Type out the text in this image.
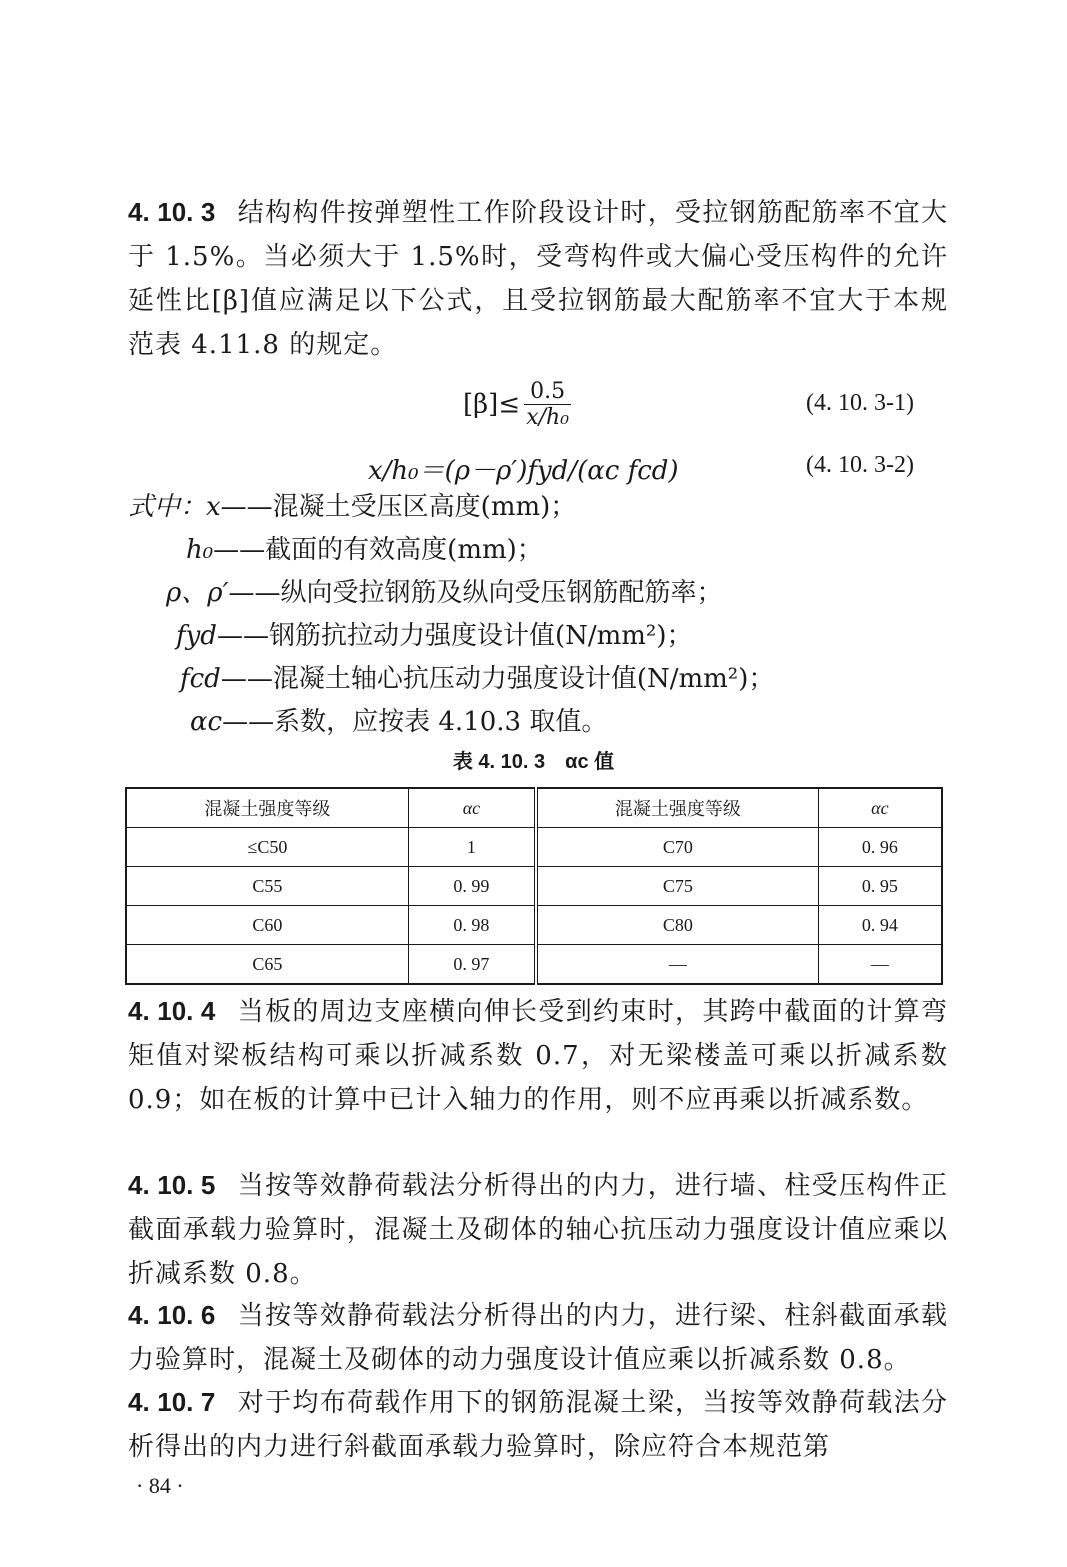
4. 10. 3 结构构件按弹塑性工作阶段设计时，受拉钢筋配筋率不宜大于 1.5%。当必须大于 1.5%时，受弯构件或大偏心受压构件的允许延性比[β]值应满足以下公式，且受拉钢筋最大配筋率不宜大于本规范表 4.11.8 的规定。
$[\beta]\le \frac{0.5}{\text{x/h₀}}$	(4. 10. 3-1)
x/h₀＝(ρ－ρ′)fyd/(αc fcd)	(4. 10. 3-2)
式中：x——混凝土受压区高度(mm)；
h₀——截面的有效高度(mm)；
ρ、ρ′——纵向受拉钢筋及纵向受压钢筋配筋率；
fyd——钢筋抗拉动力强度设计值(N/mm²)；
fcd——混凝土轴心抗压动力强度设计值(N/mm²)；
αc——系数，应按表 4.10.3 取值。
表 4. 10. 3　αc 值
混凝土强度等级	αc	混凝土强度等级	αc
≤C50	1	C70	0. 96
C55	0. 99	C75	0. 95
C60	0. 98	C80	0. 94
C65	0. 97	—	—
4. 10. 4 当板的周边支座横向伸长受到约束时，其跨中截面的计算弯矩值对梁板结构可乘以折减系数 0.7，对无梁楼盖可乘以折减系数 0.9；如在板的计算中已计入轴力的作用，则不应再乘以折减系数。
4. 10. 5 当按等效静荷载法分析得出的内力，进行墙、柱受压构件正截面承载力验算时，混凝土及砌体的轴心抗压动力强度设计值应乘以折减系数 0.8。
4. 10. 6 当按等效静荷载法分析得出的内力，进行梁、柱斜截面承载力验算时，混凝土及砌体的动力强度设计值应乘以折减系数 0.8。
4. 10. 7 对于均布荷载作用下的钢筋混凝土梁，当按等效静荷载法分析得出的内力进行斜截面承载力验算时，除应符合本规范第
· 84 ·
